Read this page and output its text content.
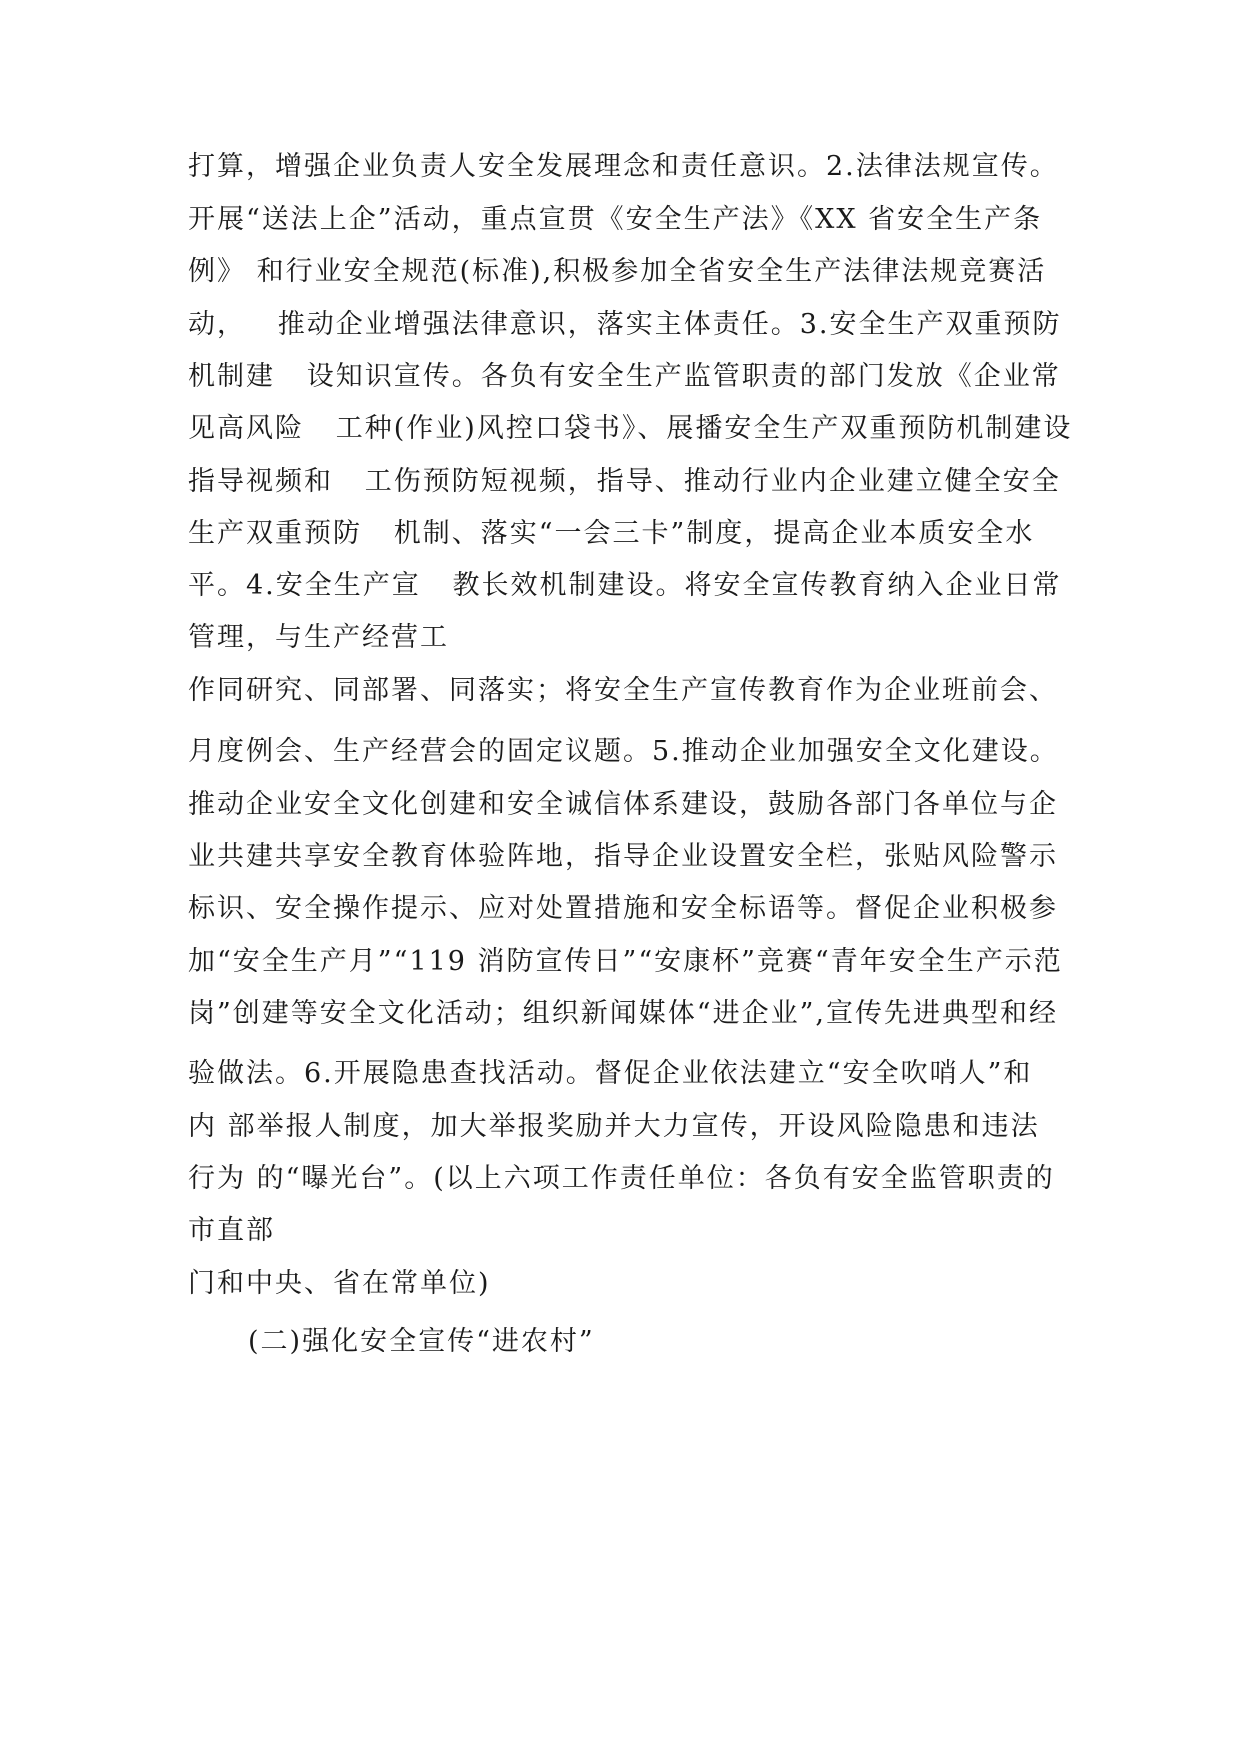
打算，增强企业负责人安全发展理念和责任意识。2.法律法规宣传。
开展“送法上企”活动，重点宣贯《安全生产法》《XX 省安全生产条
例》 和行业安全规范(标准),积极参加全省安全生产法律法规竞赛活
动，   推动企业增强法律意识，落实主体责任。3.安全生产双重预防
机制建   设知识宣传。各负有安全生产监管职责的部门发放《企业常
见高风险   工种(作业)风控口袋书》、展播安全生产双重预防机制建设
指导视频和   工伤预防短视频，指导、推动行业内企业建立健全安全
生产双重预防   机制、落实“一会三卡”制度，提高企业本质安全水
平。4.安全生产宣   教长效机制建设。将安全宣传教育纳入企业日常
管理，与生产经营工
作同研究、同部署、同落实；将安全生产宣传教育作为企业班前会、
月度例会、生产经营会的固定议题。5.推动企业加强安全文化建设。
推动企业安全文化创建和安全诚信体系建设，鼓励各部门各单位与企
业共建共享安全教育体验阵地，指导企业设置安全栏，张贴风险警示
标识、安全操作提示、应对处置措施和安全标语等。督促企业积极参
加“安全生产月”“119 消防宣传日”“安康杯”竞赛“青年安全生产示范
岗”创建等安全文化活动；组织新闻媒体“进企业”,宣传先进典型和经
验做法。6.开展隐患查找活动。督促企业依法建立“安全吹哨人”和
内 部举报人制度，加大举报奖励并大力宣传，开设风险隐患和违法
行为 的“曝光台”。(以上六项工作责任单位：各负有安全监管职责的
市直部
门和中央、省在常单位)
(二)强化安全宣传“进农村”
